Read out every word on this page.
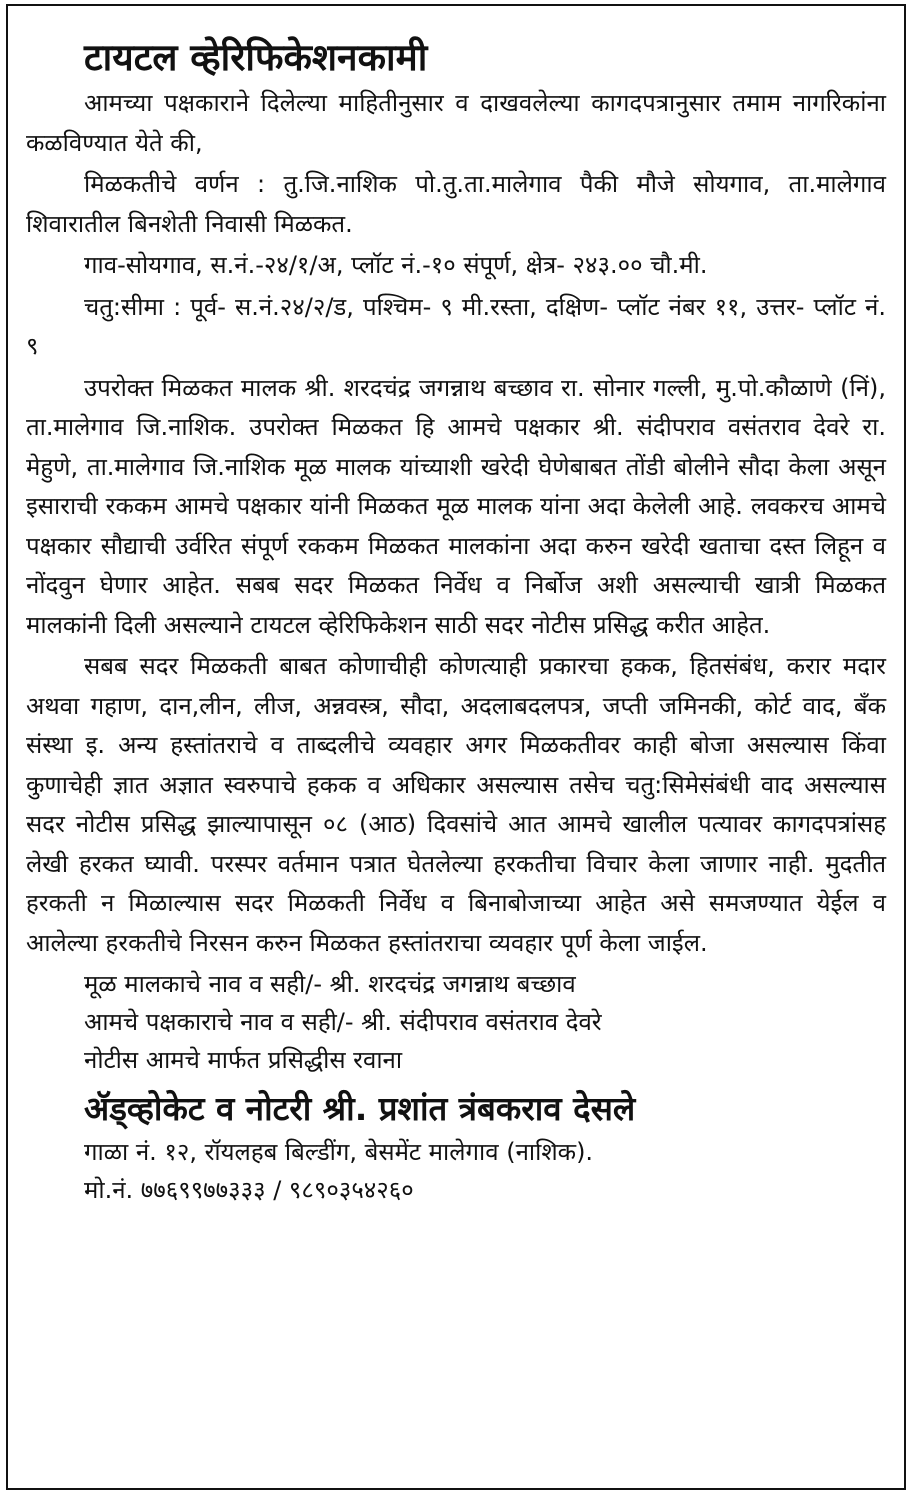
टायटल व्हेरिफिकेशनकामी

आमच्या पक्षकाराने दिलेल्या माहितीनुसार व दाखवलेल्या कागदपत्रानुसार तमाम नागरिकांना कळविण्यात येते की,

मिळकतीचे वर्णन : तु.जि.नाशिक पो.तु.ता.मालेगाव पैकी मौजे सोयगाव, ता.मालेगाव शिवारातील बिनशेती निवासी मिळकत.

गाव-सोयगाव, स.नं.-२४/१/अ, प्लॉट नं.-१० संपूर्ण, क्षेत्र- २४३.०० चौ.मी.

चतु:सीमा : पूर्व- स.नं.२४/२/ड, पश्चिम- ९ मी.रस्ता, दक्षिण- प्लॉट नंबर ११, उत्तर- प्लॉट नं. ९

उपरोक्त मिळकत मालक श्री. शरदचंद्र जगन्नाथ बच्छाव रा. सोनार गल्ली, मु.पो.कौळाणे (निं), ता.मालेगाव जि.नाशिक. उपरोक्त मिळकत हि आमचे पक्षकार श्री. संदीपराव वसंतराव देवरे रा. मेहुणे, ता.मालेगाव जि.नाशिक मूळ मालक यांच्याशी खरेदी घेणेबाबत तोंडी बोलीने सौदा केला असून इसाराची रककम आमचे पक्षकार यांनी मिळकत मूळ मालक यांना अदा केलेली आहे. लवकरच आमचे पक्षकार सौद्याची उर्वरित संपूर्ण रककम मिळकत मालकांना अदा करुन खरेदी खताचा दस्त लिहून व नोंदवुन घेणार आहेत. सबब सदर मिळकत निर्वेध व निर्बोज अशी असल्याची खात्री मिळकत मालकांनी दिली असल्याने टायटल व्हेरिफिकेशन साठी सदर नोटीस प्रसिद्ध करीत आहेत.

सबब सदर मिळकती बाबत कोणाचीही कोणत्याही प्रकारचा हकक, हितसंबंध, करार मदार अथवा गहाण, दान,लीन, लीज, अन्नवस्त्र, सौदा, अदलाबदलपत्र, जप्ती जमिनकी, कोर्ट वाद, बँक संस्था इ. अन्य हस्तांतराचे व ताब्दलीचे व्यवहार अगर मिळकतीवर काही बोजा असल्यास किंवा कुणाचेही ज्ञात अज्ञात स्वरुपाचे हकक व अधिकार असल्यास तसेच चतु:सिमेसंबंधी वाद असल्यास सदर नोटीस प्रसिद्ध झाल्यापासून ०८ (आठ) दिवसांचे आत आमचे खालील पत्यावर कागदपत्रांसह लेखी हरकत घ्यावी. परस्पर वर्तमान पत्रात घेतलेल्या हरकतीचा विचार केला जाणार नाही. मुदतीत हरकती न मिळाल्यास सदर मिळकती निर्वेध व बिनाबोजाच्या आहेत असे समजण्यात येईल व आलेल्या हरकतीचे निरसन करुन मिळकत हस्तांतराचा व्यवहार पूर्ण केला जाईल.

मूळ मालकाचे नाव व सही/- श्री. शरदचंद्र जगन्नाथ बच्छाव
आमचे पक्षकाराचे नाव व सही/- श्री. संदीपराव वसंतराव देवरे
नोटीस आमचे मार्फत प्रसिद्धीस रवाना
ॲड्व्होकेट व नोटरी श्री. प्रशांत त्रंबकराव देसले
गाळा नं. १२, रॉयलहब बिल्डींग, बेसमेंट मालेगाव (नाशिक).
मो.नं. ७७६९९७७३३३ / ९८९०३५४२६०
